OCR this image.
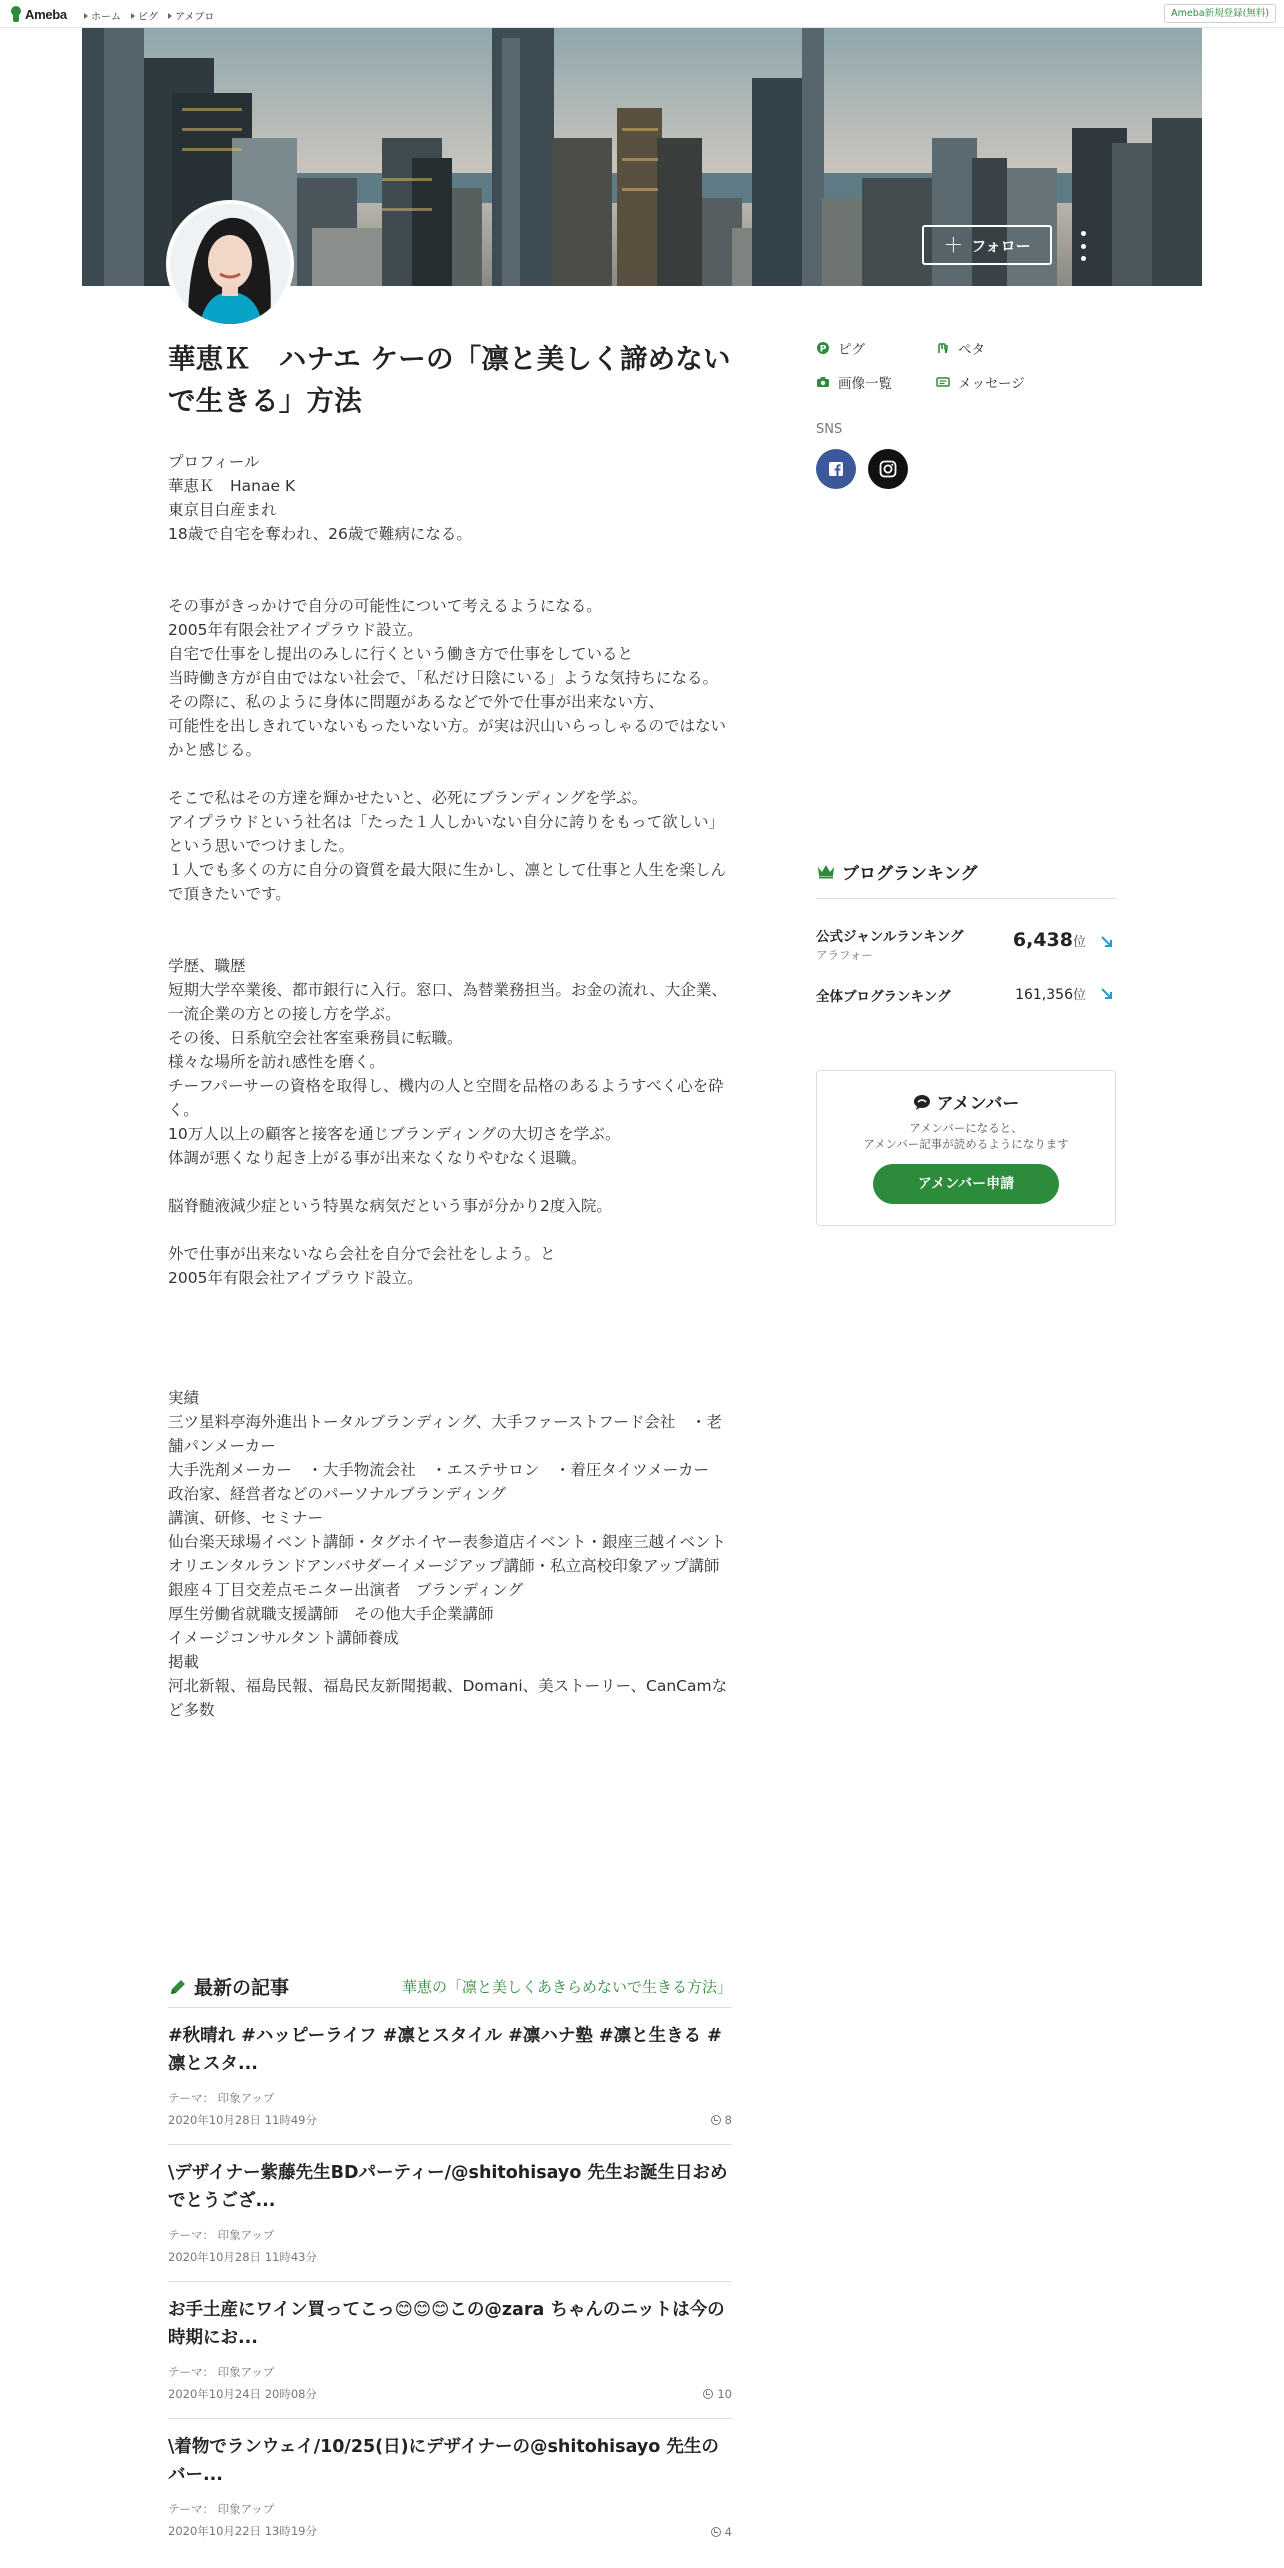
Ameba ホーム ピグ アメブロ	Ameba新規登録(無料)
＋ フォロー
華恵Ｋ　ハナエ ケーの「凛と美しく諦めないで生きる」方法
プロフィール
華恵Ｋ　Hanae K
東京目白産まれ
18歳で自宅を奪われ、26歳で難病になる。

その事がきっかけで自分の可能性について考えるようになる。
2005年有限会社アイプラウド設立。
自宅で仕事をし提出のみしに行くという働き方で仕事をしていると
当時働き方が自由ではない社会で、「私だけ日陰にいる」ような気持ちになる。
その際に、私のように身体に問題があるなどで外で仕事が出来ない方、
可能性を出しきれていないもったいない方。が実は沢山いらっしゃるのではないかと感じる。

そこで私はその方達を輝かせたいと、必死にブランディングを学ぶ。
アイプラウドという社名は「たった１人しかいない自分に誇りをもって欲しい」
という思いでつけました。
１人でも多くの方に自分の資質を最大限に生かし、凛として仕事と人生を楽しんで頂きたいです。

学歴、職歴
短期大学卒業後、都市銀行に入行。窓口、為替業務担当。お金の流れ、大企業、一流企業の方との接し方を学ぶ。
その後、日系航空会社客室乗務員に転職。
様々な場所を訪れ感性を磨く。
チーフパーサーの資格を取得し、機内の人と空間を品格のあるようすべく心を砕く。
10万人以上の顧客と接客を通じブランディングの大切さを学ぶ。
体調が悪くなり起き上がる事が出来なくなりやむなく退職。

脳脊髄液減少症という特異な病気だという事が分かり2度入院。

外で仕事が出来ないなら会社を自分で会社をしよう。と
2005年有限会社アイプラウド設立。

実績
三ツ星料亭海外進出トータルブランディング、大手ファーストフード会社　・老舗パンメーカー
大手洗剤メーカー　・大手物流会社　・エステサロン　・着圧タイツメーカー
政治家、経営者などのパーソナルブランディング
講演、研修、セミナー
仙台楽天球場イベント講師・タグホイヤー表参道店イベント・銀座三越イベント
オリエンタルランドアンバサダーイメージアップ講師・私立高校印象アップ講師
銀座４丁目交差点モニター出演者　ブランディング
厚生労働省就職支援講師　その他大手企業講師
イメージコンサルタント講師養成
掲載
河北新報、福島民報、福島民友新聞掲載、Domani、美ストーリー、CanCamなど多数
P ピグ	ペタ
画像一覧	メッセージ
SNS
ブログランキング
公式ジャンルランキング
アラフォー
6,438位
全体ブログランキング	161,356位
アメンバー
アメンバーになると、
アメンバー記事が読めるようになります
アメンバー申請
最新の記事	華恵の「凛と美しくあきらめないで生きる方法」
#秋晴れ #ハッピーライフ #凛とスタイル #凛ハナ塾 #凛と生きる #凛とスタ...
テーマ： 印象アップ
2020年10月28日 11時49分	8
\デザイナー紫藤先生BDパーティー/@shitohisayo 先生お誕生日おめでとうござ...
テーマ： 印象アップ
2020年10月28日 11時43分
お手土産にワイン買ってこっ😊😊😊この@zara ちゃんのニットは今の時期にお...
テーマ： 印象アップ
2020年10月24日 20時08分	10
\着物でランウェイ/10/25(日)にデザイナーの@shitohisayo 先生のバー...
テーマ： 印象アップ
2020年10月22日 13時19分	4
